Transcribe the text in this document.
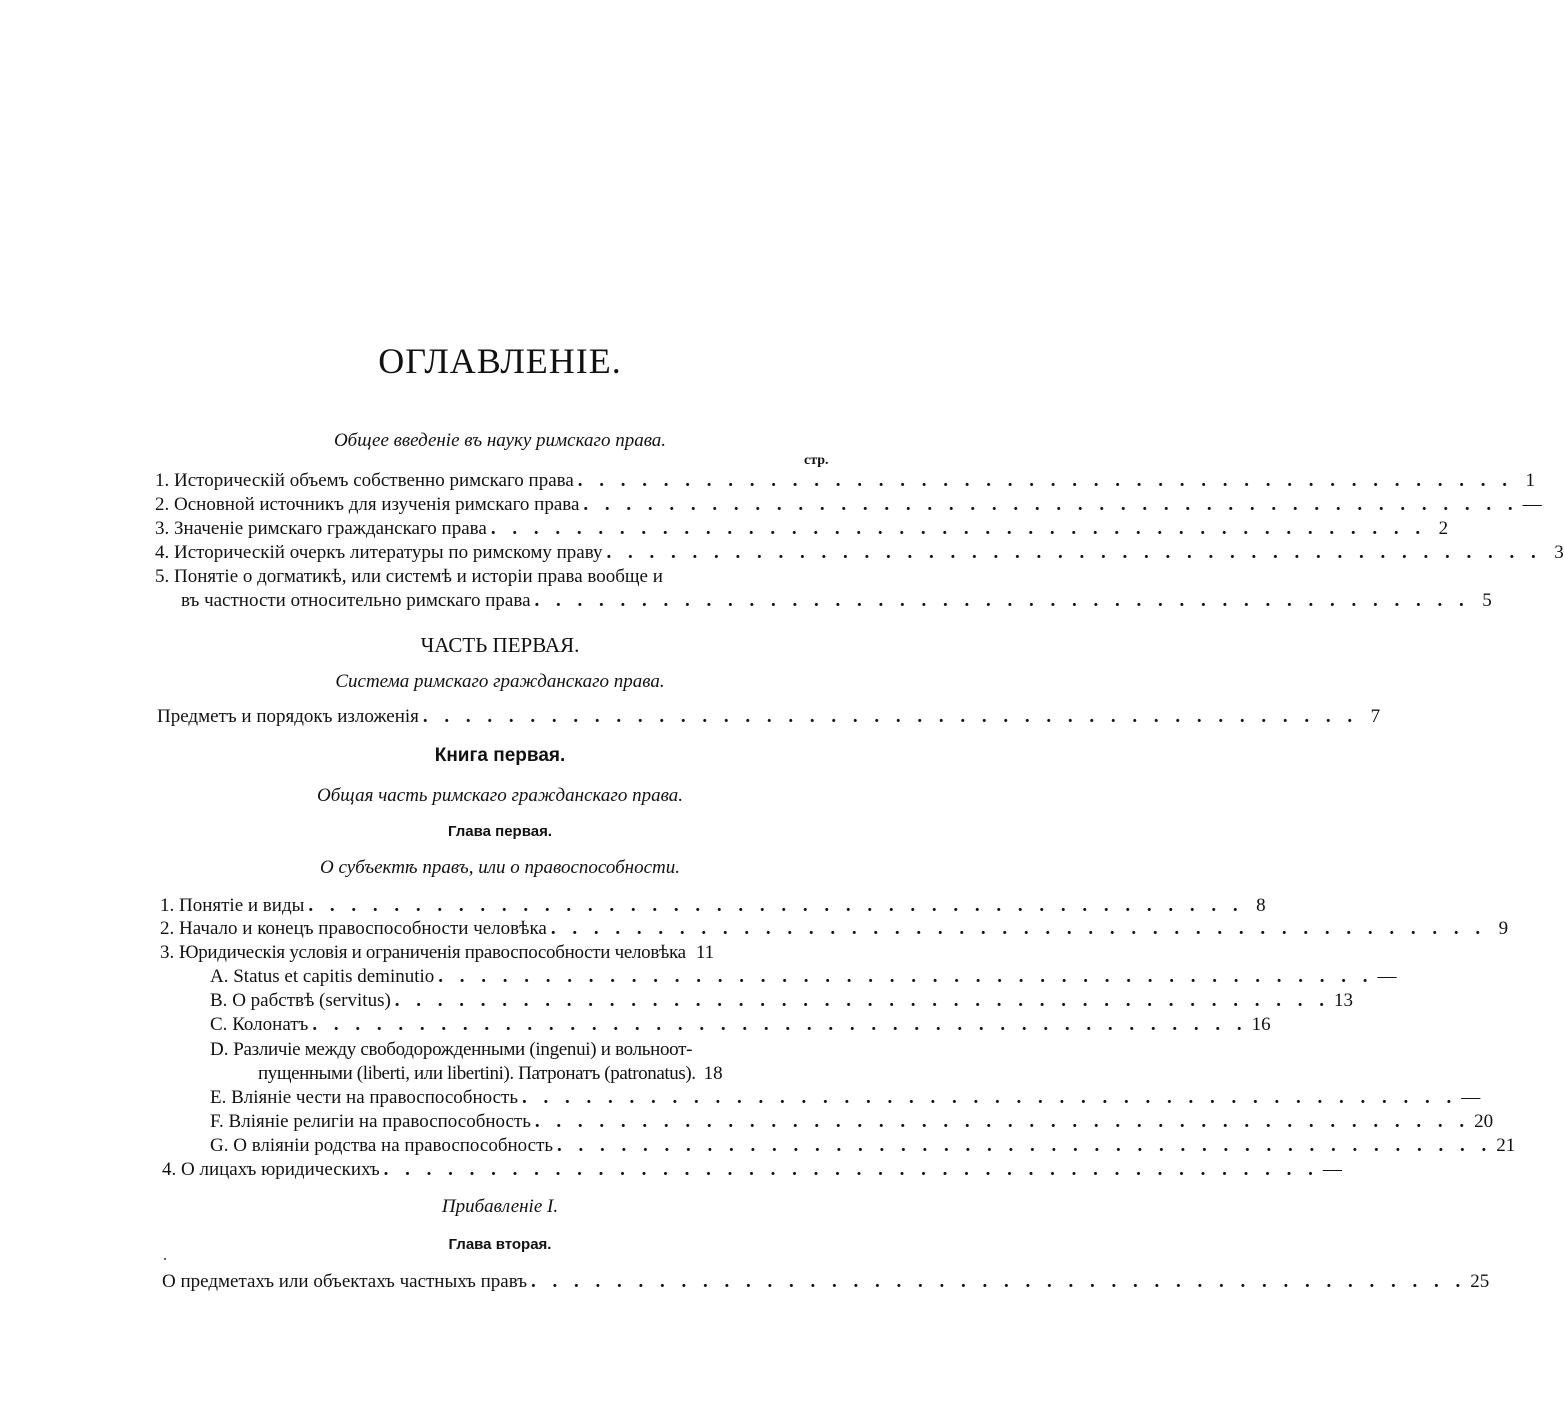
ОГЛАВЛЕНІЕ.
Общее введеніе въ науку римскаго права.
стр.
1.
Историческій объемъ собственно римскаго права . . . . . . . . . . . . . . . . . . . . . . . . . . . . . . . . . . . . . . . . . . . . 1
2.
Основной источникъ для изученія римскаго права . . . . . . . . . . . . . . . . . . . . . . . . . . . . . . . . . . . . . . . . . . . . —
3.
Значеніе римскаго гражданскаго права . . . . . . . . . . . . . . . . . . . . . . . . . . . . . . . . . . . . . . . . . . . . 2
4.
Историческій очеркъ литературы по римскому праву . . . . . . . . . . . . . . . . . . . . . . . . . . . . . . . . . . . . . . . . . . . . 3
5.
Понятіе о догматикѣ, или системѣ и исторіи права вообще и
въ частности относительно римскаго права . . . . . . . . . . . . . . . . . . . . . . . . . . . . . . . . . . . . . . . . . . . . 5
ЧАСТЬ ПЕРВАЯ.
Система римскаго гражданскаго права.
Предметъ и порядокъ изложенія . . . . . . . . . . . . . . . . . . . . . . . . . . . . . . . . . . . . . . . . . . . . 7
Книга первая.
Общая часть римскаго гражданскаго права.
Глава первая.
О субъектѣ правъ, или о правоспособности.
1.
Понятіе и виды . . . . . . . . . . . . . . . . . . . . . . . . . . . . . . . . . . . . . . . . . . . . 8
2.
Начало и конецъ правоспособности человѣка . . . . . . . . . . . . . . . . . . . . . . . . . . . . . . . . . . . . . . . . . . . . 9
3.
Юридическія условія и ограниченія правоспособности человѣка 11
A.
Status et capitis deminutio . . . . . . . . . . . . . . . . . . . . . . . . . . . . . . . . . . . . . . . . . . . . —
B.
О рабствѣ (servitus) . . . . . . . . . . . . . . . . . . . . . . . . . . . . . . . . . . . . . . . . . . . . 13
C.
Колонатъ . . . . . . . . . . . . . . . . . . . . . . . . . . . . . . . . . . . . . . . . . . . . 16
D.
Различіе между свободорожденными (ingenui) и вольноот-
пущенными (liberti, или libertini). Патронатъ (patronatus). 18
E.
Вліяніе чести на правоспособность . . . . . . . . . . . . . . . . . . . . . . . . . . . . . . . . . . . . . . . . . . . . —
F.
Вліяніе религіи на правоспособность . . . . . . . . . . . . . . . . . . . . . . . . . . . . . . . . . . . . . . . . . . . . 20
G.
О вліяніи родства на правоспособность . . . . . . . . . . . . . . . . . . . . . . . . . . . . . . . . . . . . . . . . . . . . 21
4.
О лицахъ юридическихъ . . . . . . . . . . . . . . . . . . . . . . . . . . . . . . . . . . . . . . . . . . . . —
Прибавленіе I.
Глава вторая.
О предметахъ или объектахъ частныхъ правъ . . . . . . . . . . . . . . . . . . . . . . . . . . . . . . . . . . . . . . . . . . . . 25
